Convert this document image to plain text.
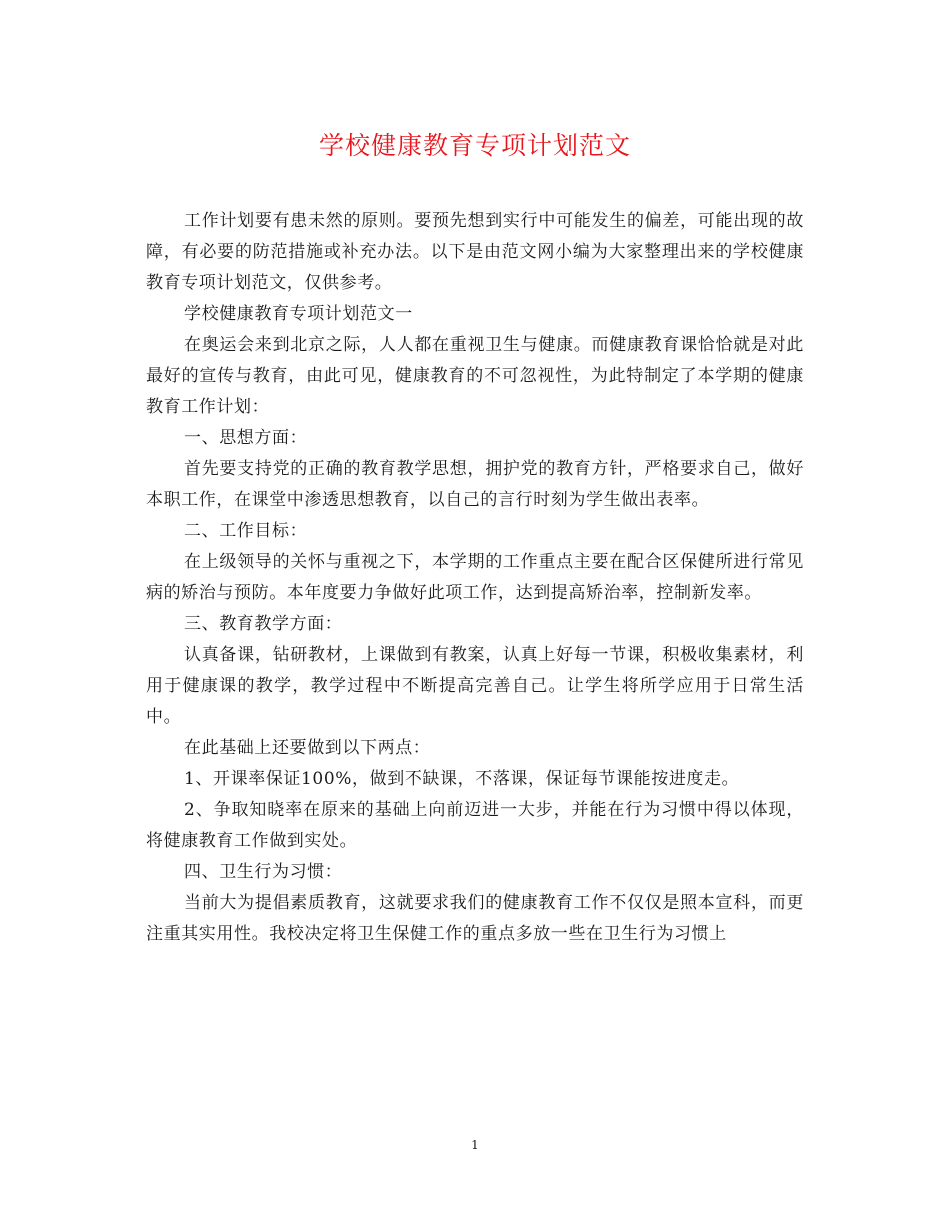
学校健康教育专项计划范文

工作计划要有患未然的原则。要预先想到实行中可能发生的偏差，可能出现的故障，有必要的防范措施或补充办法。以下是由范文网小编为大家整理出来的学校健康教育专项计划范文，仅供参考。

学校健康教育专项计划范文一

在奥运会来到北京之际，人人都在重视卫生与健康。而健康教育课恰恰就是对此最好的宣传与教育，由此可见，健康教育的不可忽视性，为此特制定了本学期的健康教育工作计划：

一、思想方面：

首先要支持党的正确的教育教学思想，拥护党的教育方针，严格要求自己，做好本职工作，在课堂中渗透思想教育，以自己的言行时刻为学生做出表率。

二、工作目标：

在上级领导的关怀与重视之下，本学期的工作重点主要在配合区保健所进行常见病的矫治与预防。本年度要力争做好此项工作，达到提高矫治率，控制新发率。

三、教育教学方面：

认真备课，钻研教材，上课做到有教案，认真上好每一节课，积极收集素材，利用于健康课的教学，教学过程中不断提高完善自己。让学生将所学应用于日常生活中。

在此基础上还要做到以下两点：

1、开课率保证100%，做到不缺课，不落课，保证每节课能按进度走。

2、争取知晓率在原来的基础上向前迈进一大步，并能在行为习惯中得以体现，将健康教育工作做到实处。

四、卫生行为习惯：

当前大为提倡素质教育，这就要求我们的健康教育工作不仅仅是照本宣科，而更注重其实用性。我校决定将卫生保健工作的重点多放一些在卫生行为习惯上

1
